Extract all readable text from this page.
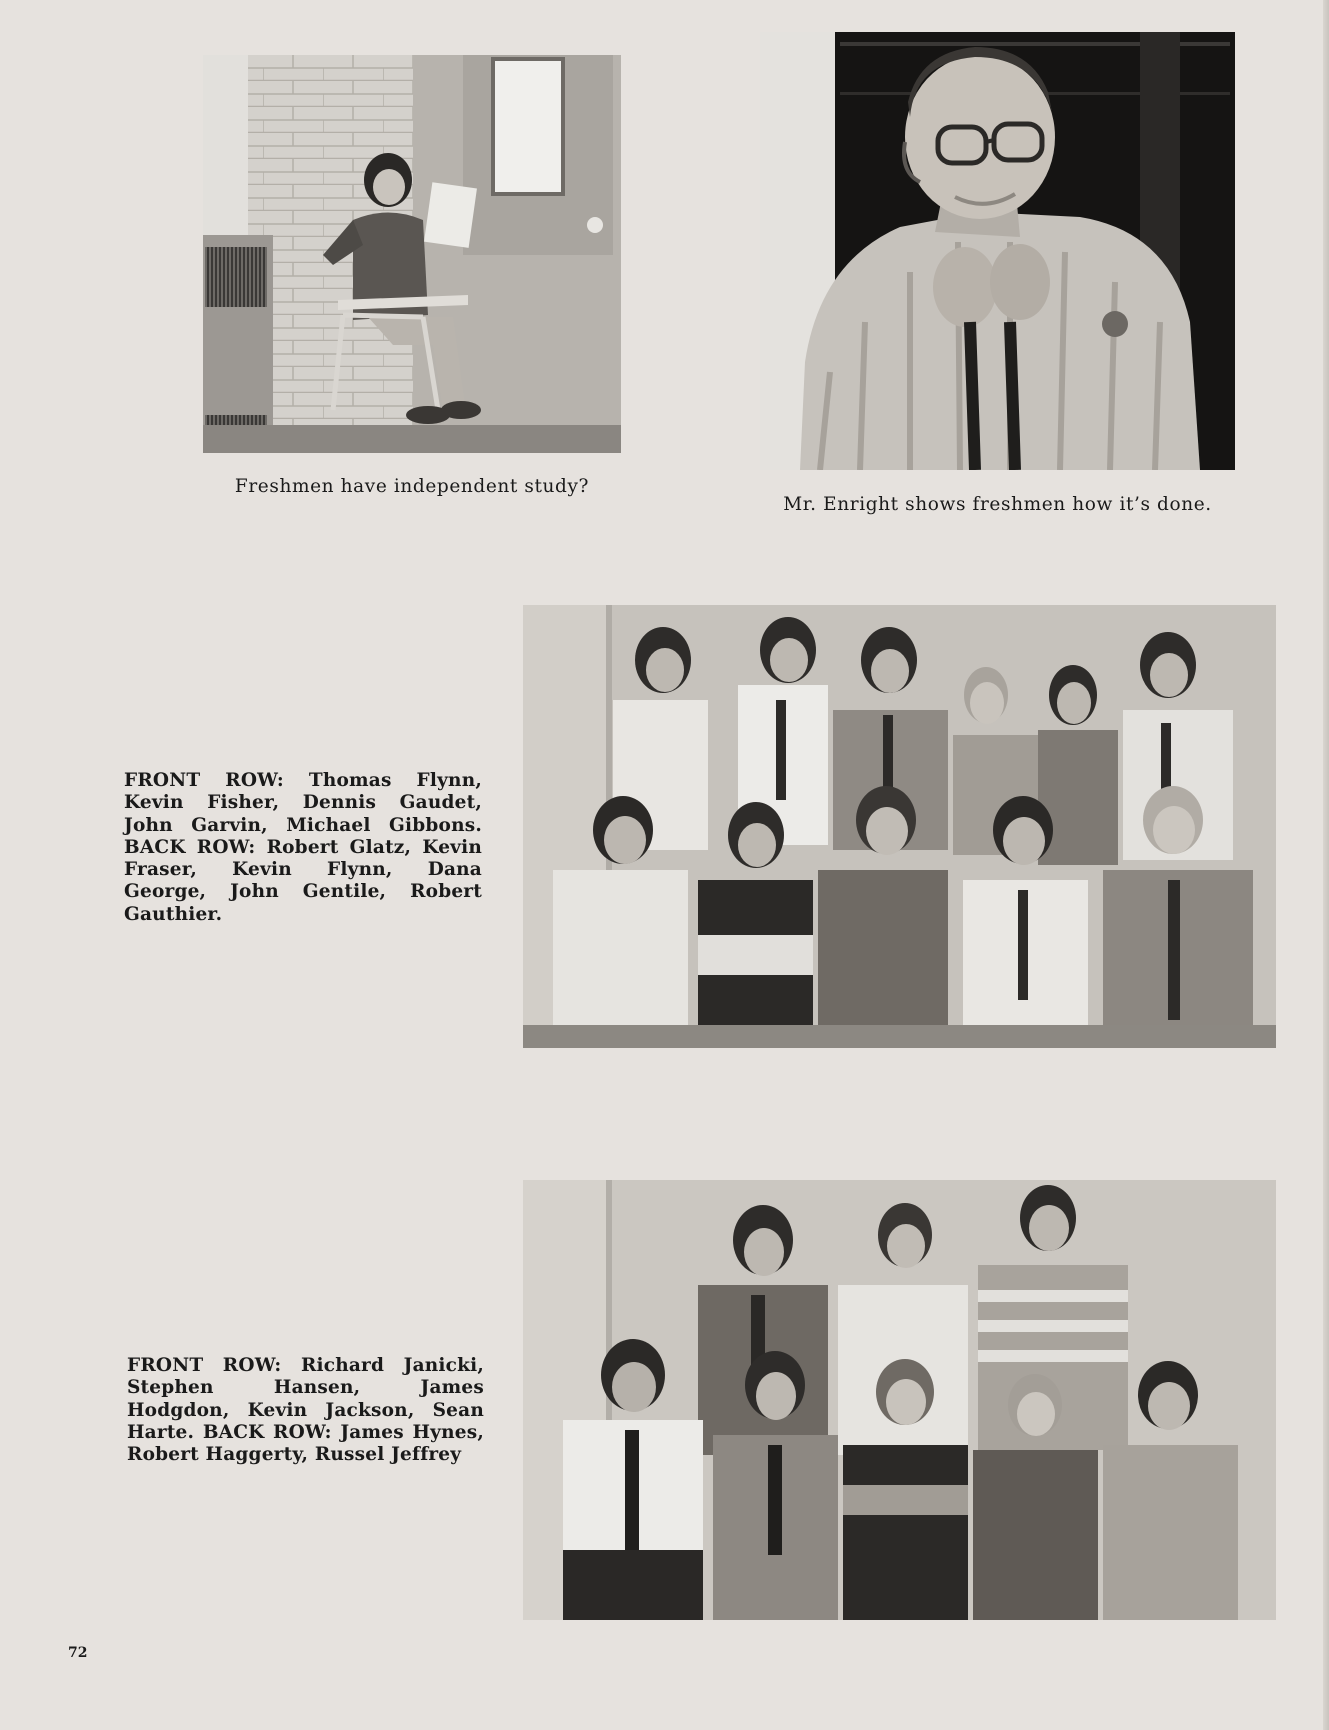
Freshmen have independent study?
Mr. Enright shows freshmen how it’s done.
FRONT ROW: Thomas Flynn, Kevin Fisher, Dennis Gaudet, John Garvin, Michael Gibbons. BACK ROW: Robert Glatz, Kevin Fraser, Kevin Flynn, Dana George, John Gentile, Robert Gauthier.
FRONT ROW: Richard Janicki, Stephen Hansen, James Hodgdon, Kevin Jackson, Sean Harte. BACK ROW: James Hynes, Robert Haggerty, Russel Jeffrey
72
